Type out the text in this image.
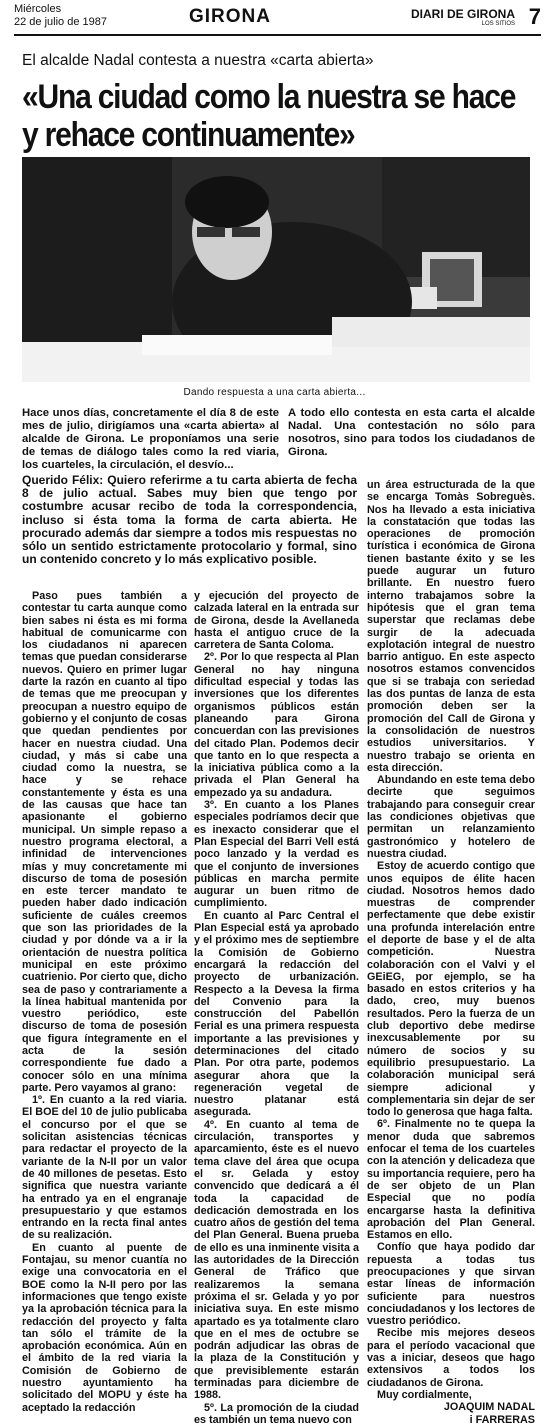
Miércoles
22 de julio de 1987	GIRONA	DIARI DE GIRONA
LOS SITIOS 7
El alcalde Nadal contesta a nuestra «carta abierta»
«Una ciudad como la nuestra se hace y rehace continuamente»
Dando respuesta a una carta abierta...
Hace unos días, concretamente el día 8 de este mes de julio, dirigíamos una «carta abierta» al alcalde de Girona. Le proponíamos una serie de temas de diálogo tales como la red viaria, los cuarteles, la circulación, el desvío...
A todo ello contesta en esta carta el alcalde Nadal. Una contestación no sólo para nosotros, sino para todos los ciudadanos de Girona.
Querido Félix: Quiero referirme a tu carta abierta de fecha 8 de julio actual. Sabes muy bien que tengo por costumbre acusar recibo de toda la correspondencia, incluso si ésta toma la forma de carta abierta. He procurado además dar siempre a todos mis respuestas no sólo un sentido estrictamente protocolario y formal, sino un contenido concreto y lo más explicativo posible.

Paso pues también a contestar tu carta aunque como bien sabes ni ésta es mi forma habitual de comunicarme con los ciudadanos ni aparecen temas que puedan considerarse nuevos. Quiero en primer lugar darte la razón en cuanto al tipo de temas que me preocupan y preocupan a nuestro equipo de gobierno y el conjunto de cosas que quedan pendientes por hacer en nuestra ciudad. Una ciudad, y más si cabe una ciudad como la nuestra, se hace y se rehace constantemente y ésta es una de las causas que hace tan apasionante el gobierno municipal. Un simple repaso a nuestro programa electoral, a infinidad de intervenciones mías y muy concretamente mi discurso de toma de posesión en este tercer mandato te pueden haber dado indicación suficiente de cuáles creemos que son las prioridades de la ciudad y por dónde va a ir la orientación de nuestra política municipal en este próximo cuatrienio. Por cierto que, dicho sea de paso y contrariamente a la línea habitual mantenida por vuestro periódico, este discurso de toma de posesión que figura íntegramente en el acta de la sesión correspondiente fue dado a conocer sólo en una mínima parte. Pero vayamos al grano:

1º. En cuanto a la red viaria. El BOE del 10 de julio publicaba el concurso por el que se solicitan asistencias técnicas para redactar el proyecto de la variante de la N-II por un valor de 40 millones de pesetas. Esto significa que nuestra variante ha entrado ya en el engranaje presupuestario y que estamos entrando en la recta final antes de su realización.

En cuanto al puente de Fontajau, su menor cuantía no exige una convocatoria en el BOE como la N-II pero por las informaciones que tengo existe ya la aprobación técnica para la redacción del proyecto y falta tan sólo el trámite de la aprobación económica. Aún en el ámbito de la red viaria la Comisión de Gobierno de nuestro ayuntamiento ha solicitado del MOPU y éste ha aceptado la redacción

y ejecución del proyecto de calzada lateral en la entrada sur de Girona, desde la Avellaneda hasta el antiguo cruce de la carretera de Santa Coloma.

2º. Por lo que respecta al Plan General no hay ninguna dificultad especial y todas las inversiones que los diferentes organismos públicos están planeando para Girona concuerdan con las previsiones del citado Plan. Podemos decir que tanto en lo que respecta a la iniciativa pública como a la privada el Plan General ha empezado ya su andadura.

3º. En cuanto a los Planes especiales podríamos decir que es inexacto considerar que el Plan Especial del Barri Vell está poco lanzado y la verdad es que el conjunto de inversiones públicas en marcha permite augurar un buen ritmo de cumplimiento.

En cuanto al Parc Central el Plan Especial está ya aprobado y el próximo mes de septiembre la Comisión de Gobierno encargará la redacción del proyecto de urbanización. Respecto a la Devesa la firma del Convenio para la construcción del Pabellón Ferial es una primera respuesta importante a las previsiones y determinaciones del citado Plan. Por otra parte, podemos asegurar ahora que la regeneración vegetal de nuestro platanar está asegurada.

4º. En cuanto al tema de circulación, transportes y aparcamiento, éste es el nuevo tema clave del área que ocupa el sr. Gelada y estoy convencido que dedicará a él toda la capacidad de dedicación demostrada en los cuatro años de gestión del tema del Plan General. Buena prueba de ello es una inminente visita a las autoridades de la Dirección General de Tráfico que realizaremos la semana próxima el sr. Gelada y yo por iniciativa suya. En este mismo apartado es ya totalmente claro que en el mes de octubre se podrán adjudicar las obras de la plaza de la Constitución y que previsiblemente estarán terminadas para diciembre de 1988.

5º. La promoción de la ciudad es también un tema nuevo con

un área estructurada de la que se encarga Tomàs Sobreguès. Nos ha llevado a esta iniciativa la constatación que todas las operaciones de promoción turística i económica de Girona tienen bastante éxito y se les puede augurar un futuro brillante. En nuestro fuero interno trabajamos sobre la hipótesis que el gran tema superstar que reclamas debe surgir de la adecuada explotación integral de nuestro barrio antiguo. En este aspecto nosotros estamos convencidos que si se trabaja con seriedad las dos puntas de lanza de esta promoción deben ser la promoción del Call de Girona y la consolidación de nuestros estudios universitarios. Y nuestro trabajo se orienta en esta dirección.

Abundando en este tema debo decirte que seguimos trabajando para conseguir crear las condiciones objetivas que permitan un relanzamiento gastronómico y hotelero de nuestra ciudad.

Estoy de acuerdo contigo que unos equipos de élite hacen ciudad. Nosotros hemos dado muestras de comprender perfectamente que debe existir una profunda interelación entre el deporte de base y el de alta competición. Nuestra colaboración con el Valvi y el GEiEG, por ejemplo, se ha basado en estos criterios y ha dado, creo, muy buenos resultados. Pero la fuerza de un club deportivo debe medirse inexcusablemente por su número de socios y su equilibrio presupuestario. La colaboración municipal será siempre adicional y complementaria sin dejar de ser todo lo generosa que haga falta.

6º. Finalmente no te quepa la menor duda que sabremos enfocar el tema de los cuarteles con la atención y delicadeza que su importancia requiere, pero ha de ser objeto de un Plan Especial que no podía encargarse hasta la definitiva aprobación del Plan General. Estamos en ello.

Confío que haya podido dar repuesta a todas tus preocupaciones y que sirvan estar líneas de información suficiente para nuestros conciudadanos y los lectores de vuestro periódico.

Recibe mis mejores deseos para el período vacacional que vas a iniciar, deseos que hago extensivos a todos los ciudadanos de Girona.

Muy cordialmente,

JOAQUIM NADAL
i FARRERAS
